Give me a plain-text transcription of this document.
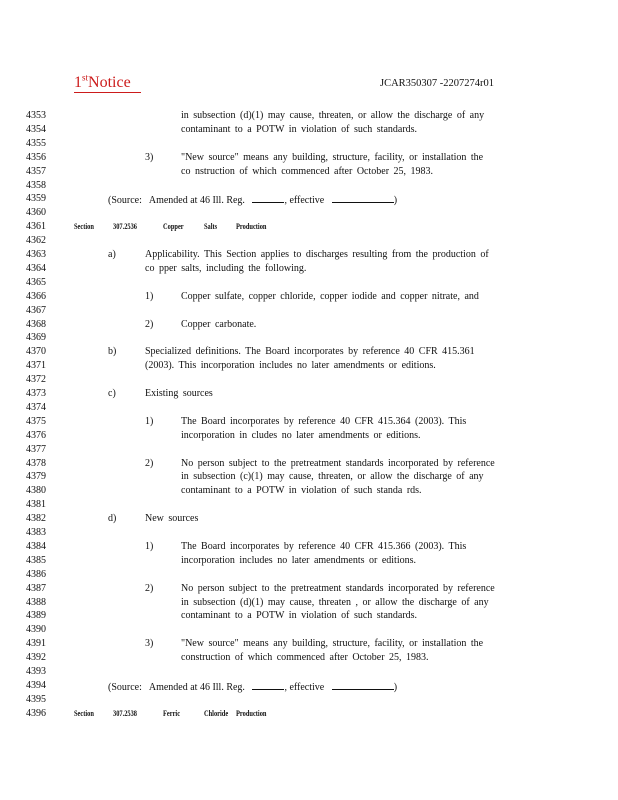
1stNotice	JCAR350307 -2207274r01
4353	in subsection (d)(1) may cause, threaten, or allow the discharge of any
4354	contaminant to a POTW in violation of such standards.
4355
4356	3)	"New source" means any building, structure, facility, or installation the
4357	co nstruction of which commenced after October 25, 1983.
4358
4359	(Source: Amended at 46 Ill. Reg.	, effective	)
4360
4361	Section 307.2536	Copper	Salts Production
4362
4363	a)	Applicability. This Section applies to discharges resulting from the production of
4364	co pper salts, including the following.
4365
4366	1)	Copper sulfate, copper chloride, copper iodide and copper nitrate, and
4367
4368	2)	Copper carbonate.
4369
4370	b)	Specialized definitions. The Board incorporates by reference 40 CFR 415.361
4371	(2003). This incorporation includes no later amendments or editions.
4372
4373	c)	Existing sources
4374
4375	1)	The Board incorporates by reference 40 CFR 415.364 (2003). This
4376	incorporation in cludes no later amendments or editions.
4377
4378	2)	No person subject to the pretreatment standards incorporated by reference
4379	in subsection (c)(1) may cause, threaten, or allow the discharge of any
4380	contaminant to a POTW in violation of such standa rds.
4381
4382	d)	New sources
4383
4384	1)	The Board incorporates by reference 40 CFR 415.366 (2003). This
4385	incorporation includes no later amendments or editions.
4386
4387	2)	No person subject to the pretreatment standards incorporated by reference
4388	in subsection (d)(1) may cause, threaten , or allow the discharge of any
4389	contaminant to a POTW in violation of such standards.
4390
4391	3)	"New source" means any building, structure, facility, or installation the
4392	construction of which commenced after October 25, 1983.
4393
4394	(Source: Amended at 46 Ill. Reg.	, effective	)
4395
4396	Section 307.2538	Ferric	Chloride Production
